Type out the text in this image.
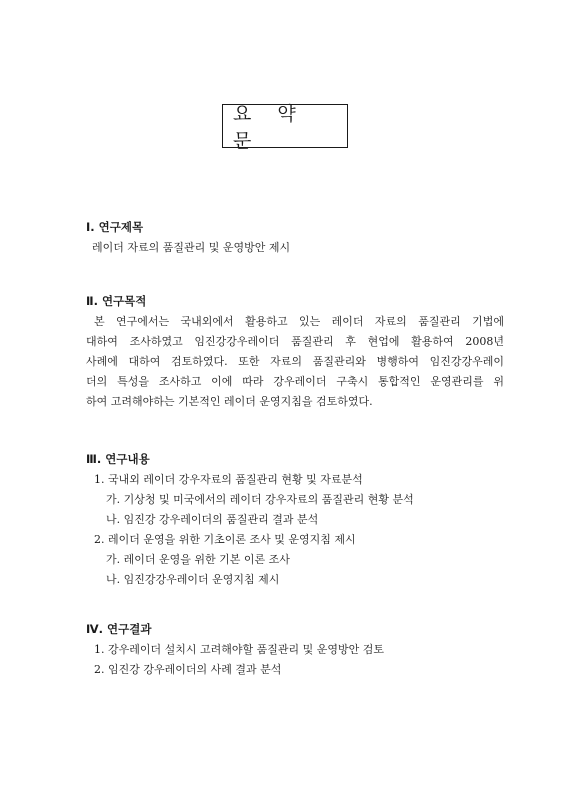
요 약 문
Ⅰ. 연구제목
레이더 자료의 품질관리 및 운영방안 제시
Ⅱ. 연구목적
본 연구에서는 국내외에서 활용하고 있는 레이더 자료의 품질관리 기법에
대하여 조사하였고 임진강강우레이더 품질관리 후 현업에 활용하여 2008년
사례에 대하여 검토하였다. 또한 자료의 품질관리와 병행하여 임진강강우레이
더의 특성을 조사하고 이에 따라 강우레이더 구축시 통합적인 운영관리를 위
하여 고려해야하는 기본적인 레이더 운영지침을 검토하였다.
Ⅲ. 연구내용
1. 국내외 레이더 강우자료의 품질관리 현황 및 자료분석
가. 기상청 및 미국에서의 레이더 강우자료의 품질관리 현황 분석
나. 임진강 강우레이더의 품질관리 결과 분석
2. 레이더 운영을 위한 기초이론 조사 및 운영지침 제시
가. 레이더 운영을 위한 기본 이론 조사
나. 임진강강우레이더 운영지침 제시
Ⅳ. 연구결과
1. 강우레이더 설치시 고려해야할 품질관리 및 운영방안 검토
2. 임진강 강우레이더의 사례 결과 분석
